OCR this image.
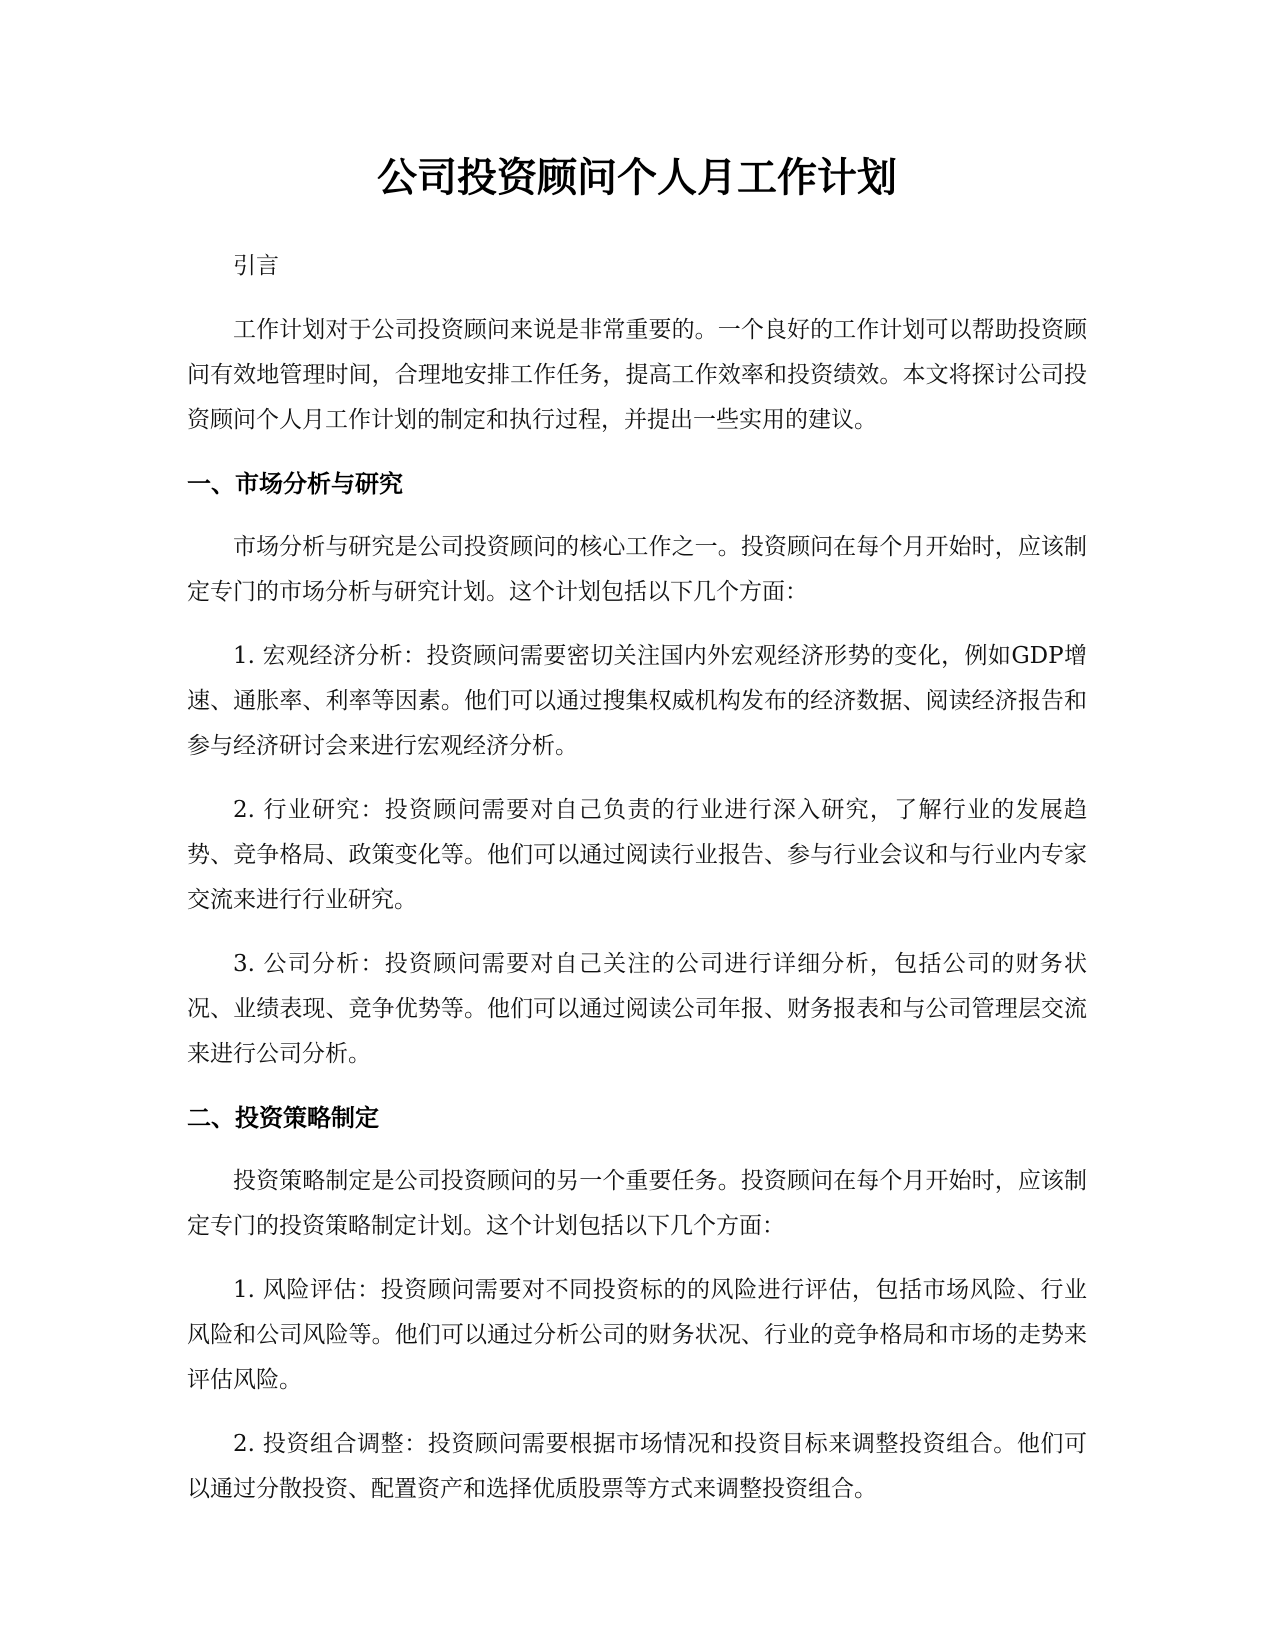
公司投资顾问个人月工作计划

引言

工作计划对于公司投资顾问来说是非常重要的。一个良好的工作计划可以帮助投资顾问有效地管理时间，合理地安排工作任务，提高工作效率和投资绩效。本文将探讨公司投资顾问个人月工作计划的制定和执行过程，并提出一些实用的建议。

一、市场分析与研究

市场分析与研究是公司投资顾问的核心工作之一。投资顾问在每个月开始时，应该制定专门的市场分析与研究计划。这个计划包括以下几个方面：

1. 宏观经济分析：投资顾问需要密切关注国内外宏观经济形势的变化，例如GDP增速、通胀率、利率等因素。他们可以通过搜集权威机构发布的经济数据、阅读经济报告和参与经济研讨会来进行宏观经济分析。

2. 行业研究：投资顾问需要对自己负责的行业进行深入研究，了解行业的发展趋势、竞争格局、政策变化等。他们可以通过阅读行业报告、参与行业会议和与行业内专家交流来进行行业研究。

3. 公司分析：投资顾问需要对自己关注的公司进行详细分析，包括公司的财务状况、业绩表现、竞争优势等。他们可以通过阅读公司年报、财务报表和与公司管理层交流来进行公司分析。

二、投资策略制定

投资策略制定是公司投资顾问的另一个重要任务。投资顾问在每个月开始时，应该制定专门的投资策略制定计划。这个计划包括以下几个方面：

1. 风险评估：投资顾问需要对不同投资标的的风险进行评估，包括市场风险、行业风险和公司风险等。他们可以通过分析公司的财务状况、行业的竞争格局和市场的走势来评估风险。

2. 投资组合调整：投资顾问需要根据市场情况和投资目标来调整投资组合。他们可以通过分散投资、配置资产和选择优质股票等方式来调整投资组合。
